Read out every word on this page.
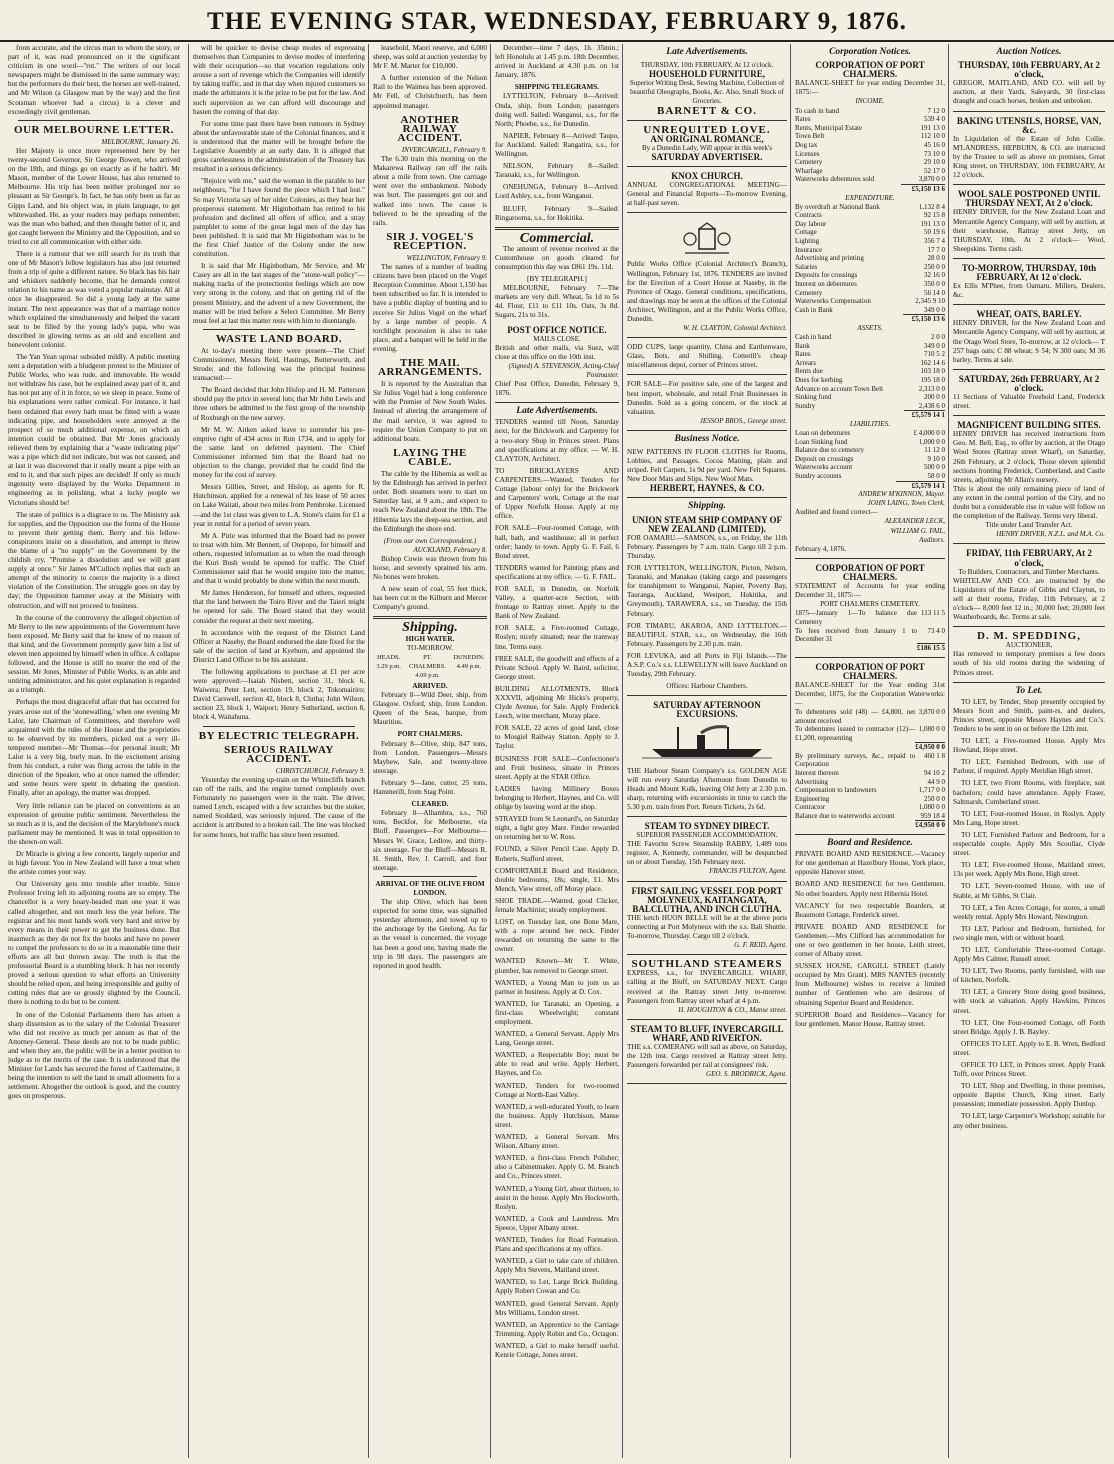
THE EVENING STAR, WEDNESDAY, FEBRUARY 9, 1876.

from accurate, and the circus man to whom the story, or part of it, was read pronounced on it the significant criticism in one word—"rot." The writers of our local newspapers might be dismissed in the same summary way; but the performers do their best, the horses are well-trained, and Mr Wilson (a Glasgow man by the way) and the first Scotsman whoever had a circus) is a clever and exceedingly civil gentleman.

OUR MELBOURNE LETTER.
MELBOURNE, January 26.

Her Majesty is once more represented here by her twenty-second Governor, Sir George Bowen, who arrived on the 18th, and things go on exactly as if he hadn't. Mr Mason, member of the Lower House, has also returned to Melbourne. His trip has been neither prolonged nor so pleasant as Sir George's. In fact, he has only been as far as Gipps Land, and his object was, in plain language, to get whitewashed. He, as your readers may perhaps remember, was the man who bathed, and then thought better of it, and got caught between the Ministry and the Opposition, and so tried to cut all communication with either side.

There is a rumour that we still search for its truth that one of Mr Mason's fellow legislators has also just returned from a trip of quite a different nature. So black has his hair and whiskers suddenly become, that he demands control relation to his name as was voted a popular mainstay. All at once he disappeared. So did a young lady at the same instant. The next appearance was that of a marriage notice which explained the simultaneously and helped the vacant seat to be filled by the young lady's papa, who was described in glowing terms as an old and excellent and benevolent colonist.

The Yan Yean uproar subsided mildly. A public meeting sent a deputation with a bludgeon protest to the Minister of Public Works, who was rude, and immovable. He would not withdraw his case, but he explained away part of it, and has not put any of it in force, so we sleep in peace. Some of his explanations were rather comical. For instance, it had been ordained that every bath must be fitted with a waste indicating pipe, and householders were annoyed at the prospect of so much additional expense, on which an intention could be obtained. But Mr Jones graciously relieved them by explaining that a "waste indicating pipe" was a pipe which did not indicate, but was not caused, and at last it was discovered that it really meant a pipe with an end to it, and that such pipes are decided! If only so much ingenuity were displayed by the Works Department in engineering as in polishing, what a lucky people we Victorians should be!

The state of politics is a disgrace to us. The Ministry ask for supplies, and the Opposition use the forms of the House to prevent their getting them. Berry and his fellow-conspirators insist on a dissolution, and attempt to throw the blame of a "no supply" on the Government by the childish cry, "Promise a dissolution and we will grant supply at once." Sir James M'Culloch replies that such an attempt of the minority to coerce the majority is a direct violation of the Constitution. The struggle goes on day by day; the Opposition hammer away at the Ministry with obstruction, and will not proceed to business.

In the course of the controversy the alleged objection of Mr Berry to the new appointments of the Government have been exposed. Mr Berry said that he knew of no reason of that kind, and the Government promptly gave him a list of eleven men appointed by himself when in office. A collapse followed, and the House is still no nearer the end of the session. Mr Jones, Minister of Public Works, is an able and untiring administrator, and his quiet explanation is regarded as a triumph.

Perhaps the most disgraceful affair that has occurred for years arose out of the 'stonewalling,' when one evening Mr Lalor, late Chairman of Committees, and therefore well acquainted with the rules of the House and the proprieties to be observed by its members, picked out a very ill-tempered member—Mr Thomas—for personal insult; Mr Lalor is a very big, burly man. In the excitement arising from his conduct, a ruler was flung across the table in the direction of the Speaker, who at once named the offender; and some hours were spent in debating the question. Finally, after an apology, the matter was dropped.

Very little reliance can be placed on conventions as an expression of genuine public sentiment. Nevertheless the so much as it is, and the decision of the Marylebone's mock parliament may be mentioned. It was in total opposition to the shown-on wall.

Dr Miracle is giving a few concerts, largely superior and in high favour. You in New Zealand will have a treat when the artiste comes your way.

Our University gets into trouble after trouble. Since Professor Irving left its adjoining rooms are so empty. The chancellor is a very hoary-headed man one year it was called altogether, and not much less the year before. The registrar and his most hands work very hard and strive by every means in their power to get the business done. But inasmuch as they do not fix the books and have no power to compel the professors to do so in a reasonable time their efforts are all but thrown away. The truth is that the professorial Board is a stumbling block. It has not recently proved a serious question to what efforts an University should be relied upon, and being irresponsible and guilty of cutting rules that are so grossly slighted by the Council, there is nothing to do but to be content.

In one of the Colonial Parliaments there has arisen a sharp dissension as to the salary of the Colonial Treasurer who did not receive as much per annum as that of the Attorney-General. These deeds are not to be made public; and when they are, the public will be in a better position to judge as to the merits of the case. It is understood that the Minister for Lands has secured the forest of Castlemaine, it being the intention to sell the land in small allotments for a settlement. Altogether the outlook is good, and the country goes on prosperous.

will be quicker to devise cheap modes of expressing themselves than Companies to devise modes of interfering with their occupation—so that vocation regulations only arouse a sort of revenge which the Companies will identify by taking traffic, and in that day when injured customers so made the arbitrators it is the prize to be put for the law. And such supervision as we can afford will discourage and hasten the coming of that day.

For some time past there have been rumours in Sydney about the unfavourable state of the Colonial finances, and it is understood that the matter will be brought before the Legislative Assembly at an early date. It is alleged that gross carelessness in the administration of the Treasury has resulted in a serious deficiency.

"Rejoice with me," said the woman in the parable to her neighbours, "for I have found the piece which I had lost." So may Victoria say of her older Colonies, as they hear her prosperous statement. Mr Higinbotham has retired to his profession and declined all offers of office, and a stray pamphlet to some of the great legal men of the day has been published. It is said that Mr Higinbotham was to be the first Chief Justice of the Colony under the new constitution.

It is said that Mr Higinbotham, Mr Service, and Mr Casey are all in the last stages of the "stone-wall policy"—making tracks of the protectionist feelings which are now very strong in the colony, and that on getting rid of the present Ministry, and the advent of a new Government, the matter will be tried before a Select Committee. Mr Berry must feel at last this matter rests with him to disentangle.

WASTE LAND BOARD.

At to-day's meeting there were present—The Chief Commissioner, Messrs Reid, Hastings, Butterworth, and Strode; and the following was the principal business transacted:—

The Board decided that John Hislop and H. M. Patterson should pay the price in several lots; that Mr John Lewis and three others be admitted to the first group of the township of Roxburgh on the new survey.

Mr M. W. Aitken asked leave to surrender his pre-emptive right of 434 acres in Run 1734, and to apply for the same land on deferred payment. The Chief Commissioner informed him that the Board had no objection to the change, provided that he could find the money for the cost of survey.

Messrs Gillies, Street, and Hislop, as agents for R. Hutchinson, applied for a renewal of his lease of 50 acres on Lake Waitati, about two miles from Pembroke. Licensed—and the 1st class was given to L.A. Stone's claim for £1 a year in rental for a period of seven years.

Mr A. Pirie was informed that the Board had no power to treat with him. Mr Bennett, of Otepopo, for himself and others, requested information as to when the road through the Kuri Bush would be opened for traffic. The Chief Commissioner said that he would enquire into the matter, and that it would probably be done within the next month.

Mr James Henderson, for himself and others, requested that the land between the Toiro River and the Taieri might be opened for sale. The Board stated that they would consider the request at their next meeting.

In accordance with the request of the District Land Officer at Naseby, the Board endorsed the date fixed for the sale of the section of land at Kyeburn, and appointed the District Land Officer to be his assistant.

The following applications to purchase at £1 per acre were approved:—Isaiah Nisbett, section 31, block 6, Waiwera; Peter Lett, section 19, block 2, Tokomairiro; David Carswell, section 42, block 8, Clutha; John Wilson, section 23, block 1, Waipori; Henry Sutherland, section 8, block 4, Waitahuna.

BY ELECTRIC TELEGRAPH.
SERIOUS RAILWAY ACCIDENT.
CHRISTCHURCH, February 9.

Yesterday the evening up-train on the Whitecliffs branch ran off the rails, and the engine turned completely over. Fortunately no passengers were in the train. The driver, named Lynch, escaped with a few scratches but the stoker, named Stoddard, was seriously injured. The cause of the accident is attributed to a broken rail. The line was blocked for some hours, but traffic has since been resumed.

leasehold, Maori reserve, and 6,000 sheep, was sold at auction yesterday by Mr F. M. Marter for £10,000.

A further extension of the Nelson Rail to the Waimea has been approved. Mr Fell, of Christchurch, has been appointed manager.

ANOTHER RAILWAY ACCIDENT.
INVERCARGILL, February 9.

The 6.30 train this morning on the Makarewa Railway ran off the rails about a mile from town. One carriage went over the embankment. Nobody was hurt. The passengers got out and walked into town. The cause is believed to be the spreading of the rails.

SIR J. VOGEL'S RECEPTION.
WELLINGTON, February 9.

The names of a number of leading citizens have been placed on the Vogel Reception Committee. About 1,150 has been subscribed so far. It is intended to have a public display of bunting and to receive Sir Julius Vogel on the wharf by a large number of people. A torchlight procession is also to take place, and a banquet will be held in the evening.

THE MAIL ARRANGEMENTS.

It is reported by the Australian that Sir Julius Vogel had a long conference with the Premier of New South Wales. Instead of altering the arrangement of the mail service, it was agreed to require the Union Company to put on additional boats.

LAYING THE CABLE.

The cable by the Hibernia as well as by the Edinburgh has arrived in perfect order. Both steamers were to start on Saturday last, at 9 a.m., and expect to reach New Zealand about the 18th. The Hibernia lays the deep-sea section, and the Edinburgh the shore end.

(From our own Correspondent.)
AUCKLAND, February 8.

Bishop Cowie was thrown from his horse, and severely sprained his arm. No bones were broken.

A new seam of coal, 55 feet thick, has been cut in the Kilburn and Mercer Company's ground.

Shipping.
HIGH WATER.
TO-MORROW.
HEADS. 3.29 p.m.
PT. CHALMERS. 4.09 p.m.
DUNEDIN. 4.49 p.m.
ARRIVED.

February 8—Wild Deer, ship, from Glasgow. Oxford, ship, from London. Queen of the Seas, barque, from Mauritius.

PORT CHALMERS.

February 8—Olive, ship, 847 tons, from London. Passengers—Messrs Mayhew, Sale, and twenty-three steerage.

February 9—Jane, cutter, 25 tons, Hammerill, from Stag Point.

CLEARED.

February 8—Alhambra, s.s., 760 tons, Beckfor, for Melbourne, via Bluff. Passengers—For Melbourne—Messrs W. Grace, Ledlow, and thirty-six steerage. For the Bluff—Messrs R. H. Smith, Rev. J. Carroll, and four steerage.

ARRIVAL OF THE OLIVE FROM LONDON.

The ship Olive, which has been expected for some time, was signalled yesterday afternoon, and towed up to the anchorage by the Geelong. As far as the vessel is concerned, the voyage has been a good one, having made the trip in 98 days. The passengers are reported in good health.

December—time 7 days, 1h. 35min.; left Honolulu at 1.45 p.m. 18th December, arrived in Auckland at 4.30 p.m. on 1st January, 1876.

SHIPPING TELEGRAMS.

LYTTELTON, February 8—Arrived: Onda, ship, from London; passengers doing well. Sailed: Wanganui, s.s., for the North; Phoebe, s.s., for Dunedin.

NAPIER, February 8—Arrived: Taupo, for Auckland. Sailed: Rangatira, s.s., for Wellington.

NELSON, February 8—Sailed: Taranaki, s.s., for Wellington.

ONEHUNGA, February 8—Arrived: Lord Ashley, s.s., from Wanganui.

BLUFF, February 9—Sailed: Ringarooma, s.s., for Hokitika.

Commercial.

The amount of revenue received at the Customhouse on goods cleared for consumption this day was £861 19s. 11d.

[BY TELEGRAPH.]

MELBOURNE, February 7—The markets are very dull. Wheat, 5s 1d to 5s 4d. Flour, £11 to £11 10s. Oats, 3s 8d. Sugars, 21s to 31s.

POST OFFICE NOTICE.
MAILS CLOSE.
British and other mails, via Suez, will close at this office on the 10th inst.
(Signed) A. STEVENSON, Acting-Chief Postmaster.
Chief Post Office, Dunedin, February 9, 1876.
Late Advertisements.

TENDERS wanted till Noon, Saturday next, for the Brickwork and Carpentry for a two-story Shop in Princes street. Plans and specifications at my office. — W. H. CLAYTON, Architect.

TO BRICKLAYERS AND CARPENTERS.—Wanted, Tenders for Cottage (labour only) for the Brickwork and Carpenters' work, Cottage at the rear of Upper Norfolk House. Apply at my office.

FOR SALE—Four-roomed Cottage, with hall, bath, and washhouse; all in perfect order; handy to town. Apply G. F. Fail, 6 Bond street.

TENDERS wanted for Painting; plans and specifications at my office. — G. F. FAIL.

FOR SALE, in Dunedin, on Norfolk Valley, a quarter-acre Section, with frontage to Rattray street. Apply to the Bank of New Zealand.

FOR SALE, a Five-roomed Cottage, Roslyn; nicely situated; near the tramway line. Terms easy.

FREE SALE, the goodwill and effects of a Private School. Apply W. Baird, solicitor, George street.

BUILDING ALLOTMENTS, Block XXXVII, adjoining Mr Hicks's property, Clyde Avenue, for Sale. Apply Frederick Leech, wine merchant, Moray place.

FOR SALE, 22 acres of good land, close to Mosgiel Railway Station. Apply to J. Taylor.

BUSINESS FOR SALE—Confectioner's and Fruit business, situate in Princes street. Apply at the STAR Office.

LADIES having Millinery Boxes belonging to Herbert, Haynes, and Co. will oblige by leaving word at the shop.

STRAYED from St Leonard's, on Saturday night, a light grey Mare. Finder rewarded on returning her to W. Ross.

FOUND, a Silver Pencil Case. Apply D. Roberts, Stafford street.

COMFORTABLE Board and Residence, double bedrooms, 18s; single, £1. Mrs Mench, View street, off Moray place.

SHOE TRADE.—Wanted, good Clicker, female Machinist; steady employment.

LOST, on Tuesday last, one Bone Mare, with a rope around her neck. Finder rewarded on returning the same to the owner.

WANTED Known—Mr T. White, plumber, has removed to George street.

WANTED, a Young Man to join us as partner in business. Apply at D. Cox.

WANTED, for Taranaki, an Opening, a first-class Wheelwright; constant employment.

WANTED, a General Servant. Apply Mrs Lang, George street.

WANTED, a Respectable Boy; must be able to read and write. Apply Herbert, Haynes, and Co.

WANTED, Tenders for two-roomed Cottage at North-East Valley.

WANTED, a well-educated Youth, to learn the business. Apply Hutchison, Manse street.

WANTED, a General Servant. Mrs Wilson, Albany street.

WANTED, a first-class French Polisher; also a Cabinetmaker. Apply G. M. Branch and Co., Princes street.

WANTED, a Young Girl, about thirteen, to assist in the house. Apply Mrs Hockworth, Roslyn.

WANTED, a Cook and Laundress. Mrs Speece, Upper Albany street.

WANTED, Tenders for Road Formation. Plans and specifications at my office.

WANTED, a Girl to take care of children. Apply Mrs Stevens, Maitland street.

WANTED, to Let, Large Brick Building. Apply Robert Cowan and Co.

WANTED, good General Servant. Apply Mrs Williams, London street.

WANTED, an Apprentice to the Carriage Trimming. Apply Robin and Co., Octagon.

WANTED, a Girl to make herself useful. Kenrie Cottage, Jones street.

Late Advertisements.
THURSDAY, 10th FEBRUARY, At 12 o'clock.
HOUSEHOLD FURNITURE,
Superior Writing Desk, Sewing Machine, Collection of beautiful Oleographs, Books, &c. Also, Small Stock of Groceries.
BARNETT & CO.
UNREQUITED LOVE.
AN ORIGINAL ROMANCE,
By a Dunedin Lady, Will appear in this week's
SATURDAY ADVERTISER.
KNOX CHURCH.
ANNUAL CONGREGATIONAL MEETING—General and Financial Reports—To-morrow Evening, at half-past seven.
Public Works Office (Colonial Architect's Branch), Wellington, February 1st, 1876. TENDERS are invited for the Erection of a Court House at Naseby, in the Province of Otago. General conditions, specifications, and drawings may be seen at the offices of the Colonial Architect, Wellington, and at the Public Works Office, Dunedin.
W. H. CLAYTON, Colonial Architect.
ODD CUPS, large quantity, China and Earthenware, Glass, Bots, and Shilling. Cotterill's cheap miscellaneous depot, corner of Princes street.
FOR SALE—For positive sale, one of the largest and best import, wholesale, and retail Fruit Businesses in Dunedin. Sold as a going concern, or the stock at valuation.
JESSOP BROS., George street.
Business Notice.
NEW PATTERNS IN FLOOR CLOTHS for Rooms, Lobbies, and Passages. Cocoa Matting, plain and striped. Felt Carpets, 1s 9d per yard. New Felt Squares. New Door Mats and Slips. New Wool Mats.
HERBERT, HAYNES, & CO.
Shipping.
UNION STEAM SHIP COMPANY OF NEW ZEALAND (LIMITED).

FOR OAMARU.—SAMSON, s.s., on Friday, the 11th February. Passengers by 7 a.m. train. Cargo till 2 p.m. Thursday.

FOR LYTTELTON, WELLINGTON, Picton, Nelson, Taranaki, and Manakau (taking cargo and passengers for transhipment to Wanganui, Napier, Poverty Bay, Tauranga, Auckland, Westport, Hokitika, and Greymouth), TARAWERA, s.s., on Tuesday, the 15th February.

FOR TIMARU, AKAROA, AND LYTTELTON.—BEAUTIFUL STAR, s.s., on Wednesday, the 16th February. Passengers by 2.30 p.m. train.

FOR LEVUKA, and all Ports in Fiji Islands.—The A.S.P. Co.'s s.s. LLEWELLYN will leave Auckland on Tuesday, 29th February.

Offices: Harbour Chambers.
SATURDAY AFTERNOON EXCURSIONS.
THE Harbour Steam Company's s.s. GOLDEN AGE will run every Saturday Afternoon from Dunedin to Heads and Mount Kulk, leaving Old Jetty at 2.30 p.m. sharp, returning with excursionists in time to catch the 5.30 p.m. train from Port. Return Tickets, 2s 6d.
STEAM TO SYDNEY DIRECT.
SUPERIOR PASSENGER ACCOMMODATION.
THE Favorite Screw Steamship RABBY, 1,489 tons register, A. Kennedy, commander, will be despatched on or about Tuesday, 15th February next.
FRANCIS FULTON, Agent.
FIRST SAILING VESSEL FOR PORT MOLYNEUX, KAITANGATA, BALCLUTHA, AND INCH CLUTHA.
THE ketch HUON BELLE will be at the above ports connecting at Port Molyneux with the s.s. Bali Shuttle. To-morrow, Thursday. Cargo till 2 o'clock.
G. F. REID, Agent.
SOUTHLAND STEAMERS
EXPRESS, s.s., for INVERCARGILL WHARF, calling at the Bluff, on SATURDAY NEXT. Cargo received at the Rattray street Jetty to-morrow. Passengers from Rattray street wharf at 4 p.m.
H. HOUGHTON & CO., Manse street.
STEAM TO BLUFF, INVERCARGILL WHARF, AND RIVERTON.
THE s.s. COMERANG will sail as above, on Saturday, the 12th inst. Cargo received at Rattray street Jetty. Passengers forwarded per rail at consignees' risk.
GEO. S. BRODRICK, Agent.
Corporation Notices.
CORPORATION OF PORT CHALMERS.
BALANCE-SHEET for year ending December 31, 1875:—
INCOME.
To cash in hand	7 12 0
Rates	539 4 0
Rents, Municipal Estate	191 13 0
Town Belt	112 10 0
Dog tax	45 16 0
Licenses	73 10 0
Cemetery	29 10 0
Wharfage	52 17 0
Waterworks debentures sold	3,870 0 0
	£5,150 13 6
EXPENDITURE.
By overdraft at National Bank	1,132 8 4
Contracts	92 15 8
Day labour	191 13 0
Cottage	50 19 6
Lighting	356 7 4
Insurance	17 7 0
Advertising and printing	28 0 0
Salaries	250 0 0
Deposits for crossings	32 16 0
Interest on debentures	350 0 0
Cemetery	56 14 0
Waterworks Compensation	2,345 9 10
Cash in Bank	349 0 0
	£5,150 13 6
ASSETS.
Cash in hand	2 0 0
Bank	349 0 0
Rates	710 5 2
Arrears	162 14 6
Rents due	103 18 0
Dues for kerbing	195 18 0
Advance on account Town Belt	2,313 0 0
Sinking fund	200 0 0
Sundry	2,438 6 0
	£5,579 14 1
LIABILITIES.
Loan on debentures	£ 4,000 0 0
Loan Sinking fund	1,000 0 0
Balance due to cemetery	11 12 0
Deposit on crossings	9 10 0
Waterworks account	500 0 0
Sundry accounts	58 0 0
	£5,579 14 1
ANDREW M'KINNON, Mayor.
JOHN LAING, Town Clerk.
Audited and found correct—
ALEXANDER LECK,
WILLIAM G. FAIL,
Auditors.
February 4, 1876.
CORPORATION OF PORT CHALMERS.
STATEMENT of Accounts for year ending December 31, 1875:—
PORT CHALMERS CEMETERY.
1875—January 1—To balance due Cemetery	113 11 5
To fees received from January 1 to December 31	73 4 0
	£186 15 5
CORPORATION OF PORT CHALMERS.
BALANCE-SHEET for the Year ending 31st December, 1875, for the Corporation Waterworks:—
To debentures sold (48) — £4,800, net amount received	3,870 0 0
To debentures issued to contractor (12)—£1,200, representing	1,080 0 0
	£4,950 0 0
By preliminary surveys, &c., repaid to Corporation	460 1 8
Interest thereon	94 10 2
Advertising	44 9 0
Compensation to landowners	1,717 0 0
Engineering	250 0 0
Contractor	1,080 0 0
Balance due to waterworks account	959 18 4
	£4,950 0 0
Board and Residence.

PRIVATE BOARD AND RESIDENCE.—Vacancy for one gentleman at Hazelbury House, York place, opposite Hanover street.

BOARD AND RESIDENCE for two Gentlemen. No other boarders. Apply next Hibernia Hotel.

VACANCY for two respectable Boarders, at Beaumont Cottage, Frederick street.

PRIVATE BOARD AND RESIDENCE for Gentlemen.—Mrs Clifford has accommodation for one or two gentlemen in her house, Leith street, corner of Albany street.

SUSSEX HOUSE, CARGILL STREET (Lately occupied by Mrs Grant). MRS NANTES (recently from Melbourne) wishes to receive a limited number of Gentlemen who are desirous of obtaining Superior Board and Residence.

SUPERIOR Board and Residence—Vacancy for four gentlemen. Manor House, Rattray street.

Auction Notices.
THURSDAY, 10th FEBRUARY, At 2 o'clock,
GREGOR, MAITLAND, AND CO. will sell by auction, at their Yards, Saleyards, 30 first-class draught and coach horses, broken and unbroken.
BAKING UTENSILS, HORSE, VAN, &c.
In Liquidation of the Estate of John Collie. M'LANDRESS, HEPBURN, & CO. are instructed by the Trustee to sell as above on premises, Great King street, on THURSDAY, 10th FEBRUARY, At 12 o'clock.
WOOL SALE POSTPONED UNTIL THURSDAY NEXT, At 2 o'clock.
HENRY DRIVER, for the New Zealand Loan and Mercantile Agency Company, will sell by auction, at their warehouse, Rattray street Jetty, on THURSDAY, 10th, At 2 o'clock— Wool, Sheepskins. Terms cash.
TO-MORROW, THURSDAY, 10th FEBRUARY, At 12 o'clock.
Ex Ellis M'Phee, from Oamaru. Millers, Dealers, &c.
WHEAT, OATS, BARLEY.
HENRY DRIVER, for the New Zealand Loan and Mercantile Agency Company, will sell by auction, at the Otago Wool Store, To-morrow, at 12 o'clock— T 257 bags oats; C 88 wheat; S 54; N 300 oats; M 36 barley. Terms at sale.
SATURDAY, 26th FEBRUARY, At 2 o'clock.
11 Sections of Valuable Freehold Land, Frederick street.
MAGNIFICENT BUILDING SITES.
HENRY DRIVER has received instructions from Geo. M. Bell, Esq., to offer by auction, at the Otago Wool Stores (Rattray street Wharf), on Saturday, 26th February, at 2 o'clock, Those eleven splendid sections fronting Frederick, Cumberland, and Castle streets, adjoining Mr Allan's nursery.
This is about the only remaining piece of land of any extent in the central portion of the City, and no doubt but a considerable rise in value will follow on the completion of the Railway. Terms very liberal.
Title under Land Transfer Act.
HENRY DRIVER, N.Z.L. and M.A. Co.
FRIDAY, 11th FEBRUARY, At 2 o'clock,
To Builders, Contractors, and Timber Merchants.
WHITELAW AND CO. are instructed by the Liquidators of the Estate of Gibbs and Clayton, to sell at their rooms, Friday, 11th February, at 2 o'clock— 8,000 feet 12 in.; 30,000 feet; 20,000 feet Weatherboards, &c. Terms at sale.
D. M. SPEDDING,
AUCTIONEER,
Has removed to temporary premises a few doors south of his old rooms during the widening of Princes street.
To Let.

TO LET, by Tender, Shop presently occupied by Messrs Scott and Smith, paint-rs, and dealers, Princes street, opposite Messrs Haynes and Co.'s. Tenders to be sent in on or before the 12th inst.

TO LET, a Five-roomed House. Apply Mrs Howland, Hope street.

TO LET, Furnished Bedroom, with use of Parlour, if required. Apply Meridian High street.

TO LET, two Front Rooms, with fireplace, suit bachelors; could have attendance. Apply Fraser, Saltmarsh, Cumberland street.

TO LET, Four-roomed House, in Roslyn. Apply Mrs Lang, Hope street.

TO LET, Furnished Parlour and Bedroom, for a respectable couple. Apply Mrs Scoullar, Clyde street.

TO LET, Five-roomed House, Maitland street, 13s per week. Apply Mrs Bone, High street.

TO LET, Seven-roomed House, with use of Stable, at Mr Gibbs, St Clair.

TO LET, a Ten Acres Cottage, for stores, a small weekly rental. Apply Mrs Howard, Newington.

TO LET, Parlour and Bedroom, furnished, for two single men, with or without board.

TO LET, Comfortable Three-roomed Cottage. Apply Mrs Calmer, Russell street.

TO LET, Two Rooms, partly furnished, with use of kitchen, Norfolk.

TO LET, a Grocery Store doing good business, with stock at valuation. Apply Hawkins, Princes street.

TO LET, One Four-roomed Cottage, off Forth street Bridge. Apply J. B. Bayley.

OFFICES TO LET. Apply to E. B. Wren, Bedford street.

OFFICE TO LET, in Princes street. Apply Frank Tofft, over Princes Street.

TO LET, Shop and Dwelling, in those premises, opposite Baptist Church, King street. Early possession; immediate possession. Apply Dunlop.

TO LET, large Carpenter's Workshop; suitable for any other business.
